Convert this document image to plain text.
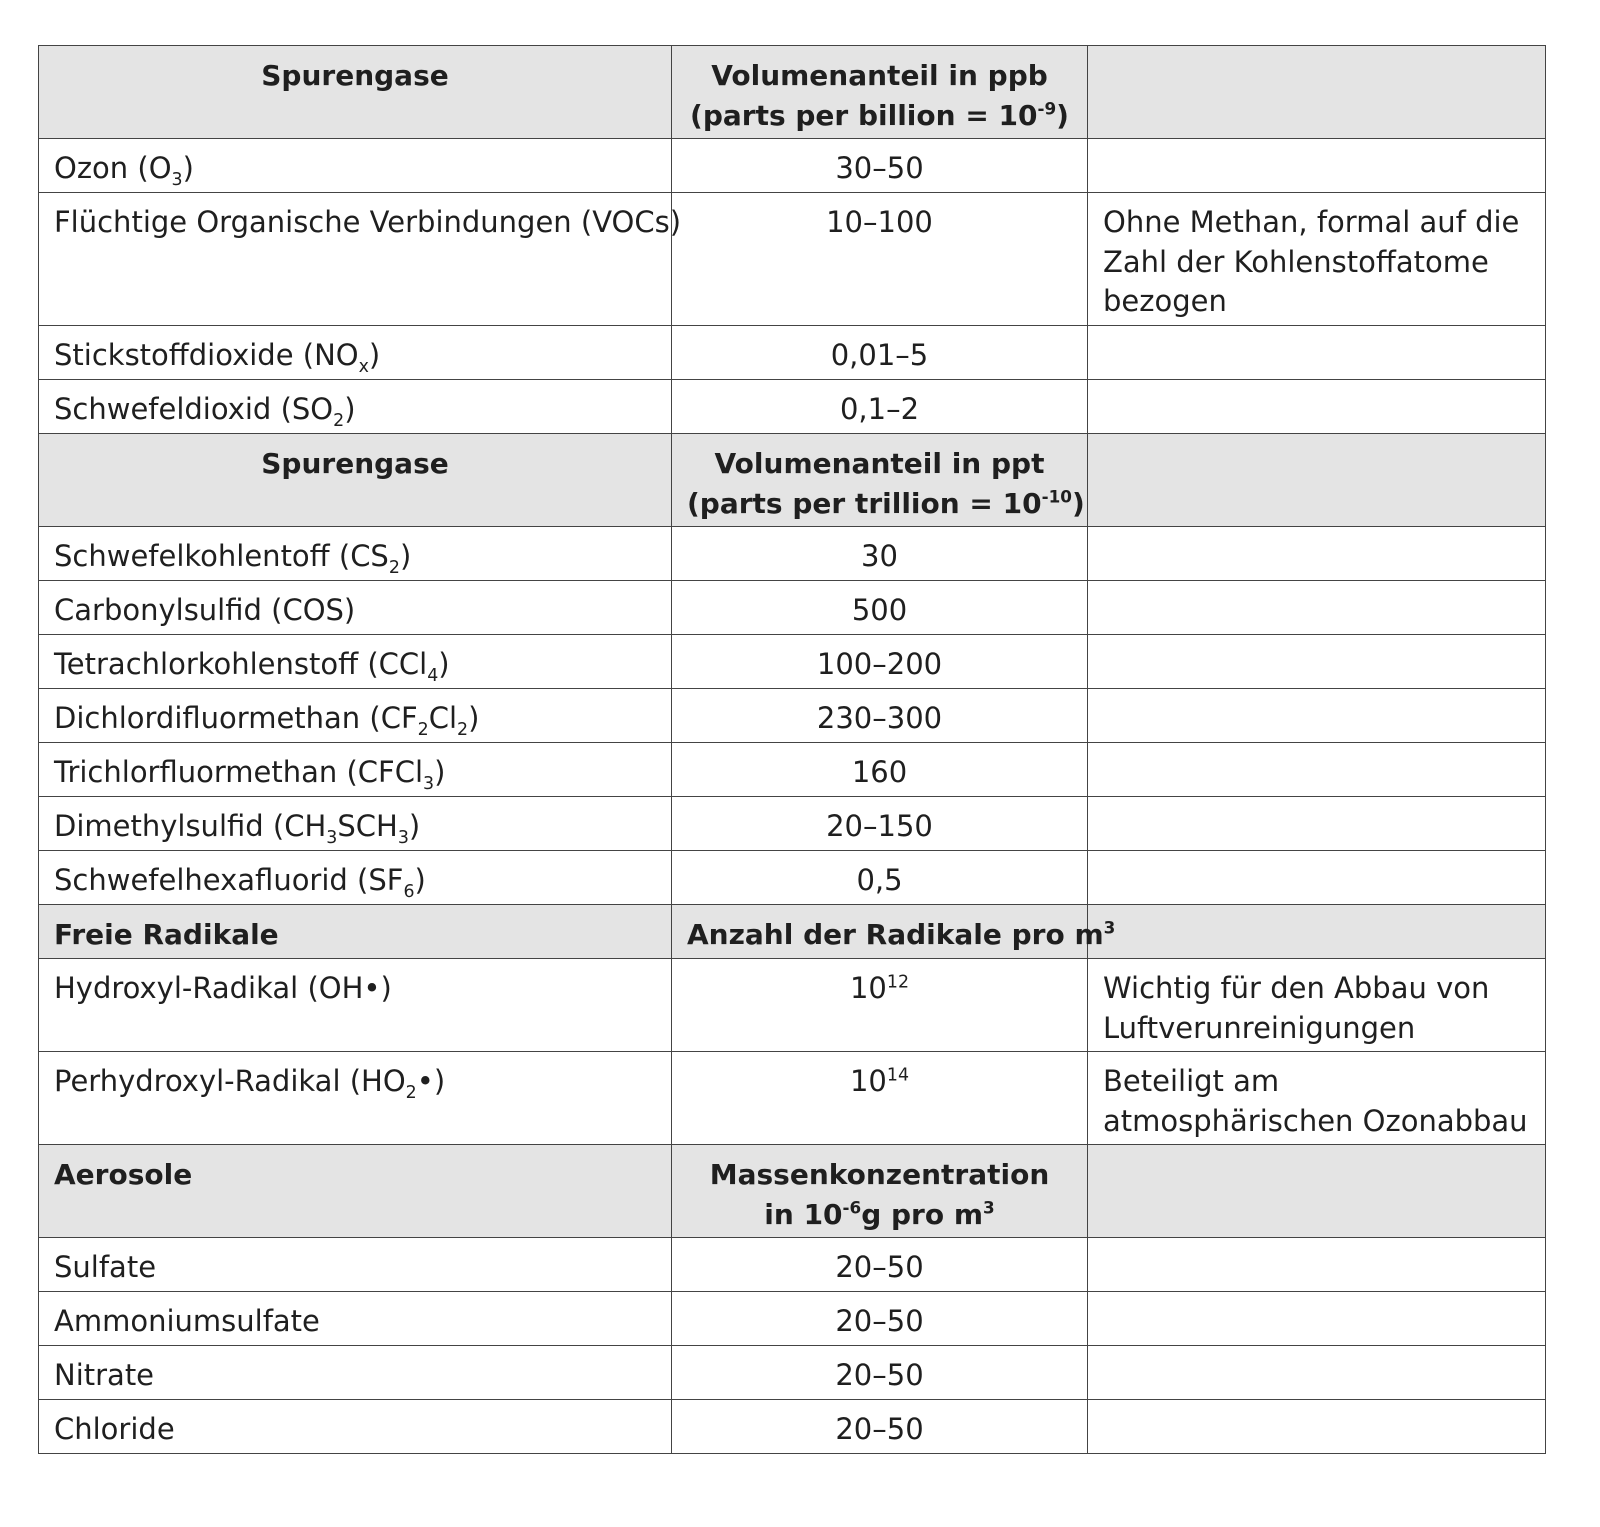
Spurengase	Volumenanteil in ppb
(parts per billion = $10^{-9}$)	
Ozon $(O_3)$	30–50	
Flüchtige Organische Verbindungen (VOCs)	10–100	Ohne Methan, formal auf die Zahl der Kohlenstoffatome bezogen
Stickstoffdioxide $(NO_x)$	0,01–5	
Schwefeldioxid $(SO_2)$	0,1–2	
Spurengase	Volumenanteil in ppt
(parts per trillion = $10^{-10}$)	
Schwefelkohlentoff $(CS_2)$	30	
Carbonylsulfid (COS)	500	
Tetrachlorkohlenstoff (CCl$_4$)	100–200	
Dichlordifluormethan $(CF_2Cl_2)$	230–300	
Trichlorfluormethan (CFCl$_3$)	160	
Dimethylsulfid $(CH_3SCH_3)$	20–150	
Schwefelhexafluorid $(SF_6)$	0,5	
Freie Radikale	Anzahl der Radikale pro $m^3$	
Hydroxyl-Radikal (OH•)	$10^{12}$	Wichtig für den Abbau von Luftverunreinigungen
Perhydroxyl-Radikal $(HO_2•)$	$10^{14}$	Beteiligt am atmosphärischen Ozonabbau
Aerosole	Massenkonzentration
in $10^{-6}g$ pro $m^3$	
Sulfate	20–50	
Ammoniumsulfate	20–50	
Nitrate	20–50	
Chloride	20–50	
